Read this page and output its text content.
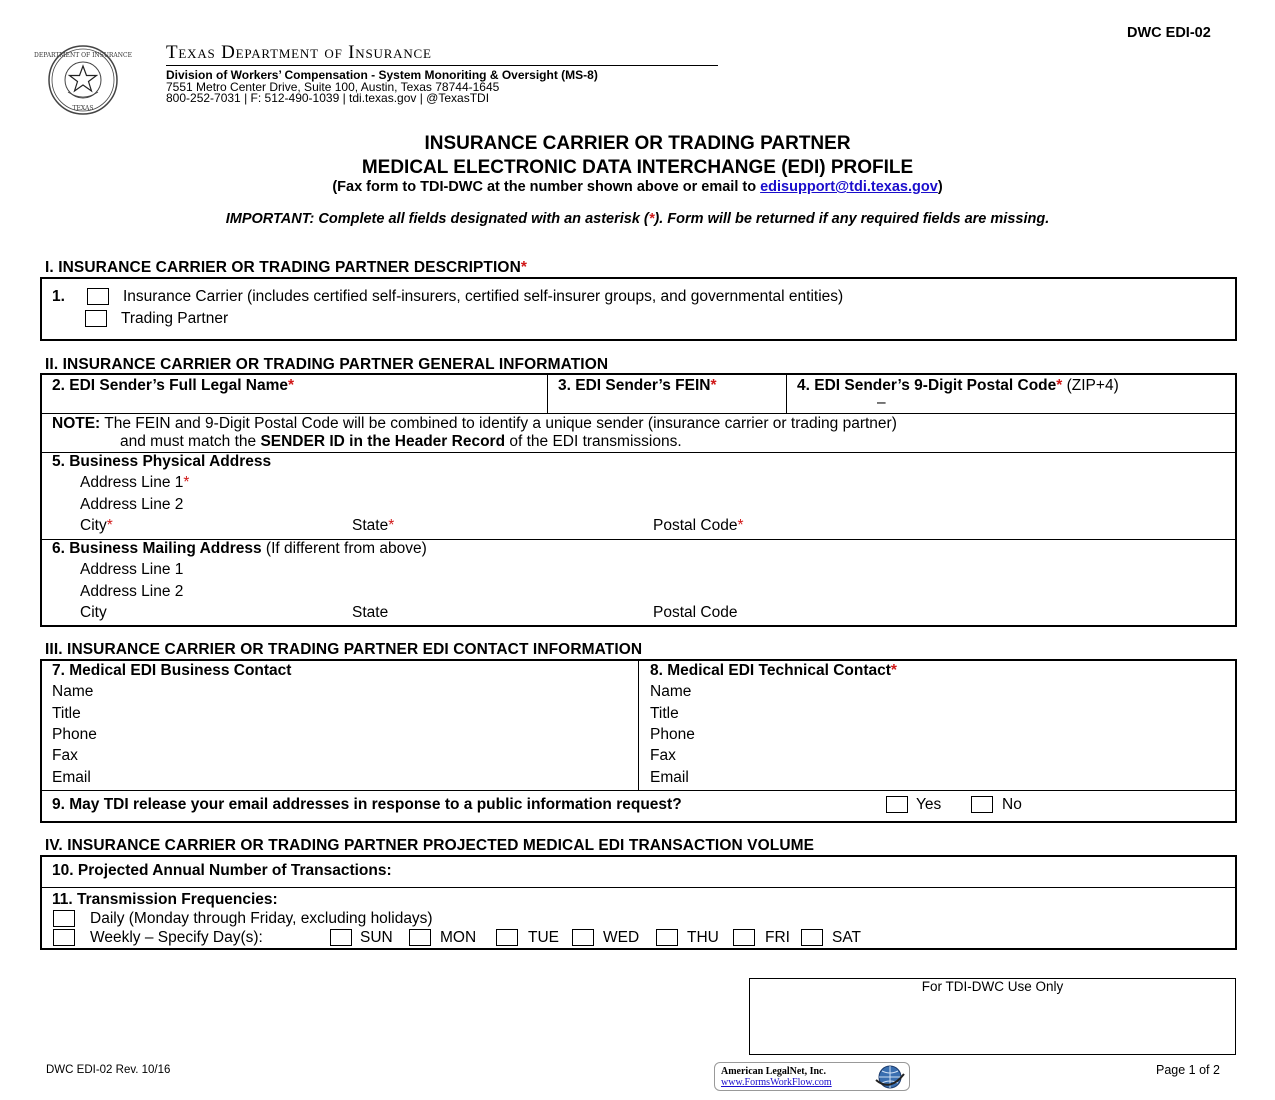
DWC EDI-02
DEPARTMENT OF INSURANCE
TEXAS
Texas Department of Insurance
Division of Workers’ Compensation - System Monoriting & Oversight (MS-8)
7551 Metro Center Drive, Suite 100, Austin, Texas 78744-1645
800-252-7031 | F: 512-490-1039 | tdi.texas.gov | @TexasTDI
INSURANCE CARRIER OR TRADING PARTNER
MEDICAL ELECTRONIC DATA INTERCHANGE (EDI) PROFILE
(Fax form to TDI-DWC at the number shown above or email to edisupport@tdi.texas.gov)
IMPORTANT: Complete all fields designated with an asterisk (*). Form will be returned if any required fields are missing.
I. INSURANCE CARRIER OR TRADING PARTNER DESCRIPTION*
1.	Insurance Carrier (includes certified self-insurers, certified self-insurer groups, and governmental entities)
Trading Partner
II. INSURANCE CARRIER OR TRADING PARTNER GENERAL INFORMATION
2. EDI Sender’s Full Legal Name*	3. EDI Sender’s FEIN*	4. EDI Sender’s 9-Digit Postal Code* (ZIP+4)
–
NOTE: The FEIN and 9-Digit Postal Code will be combined to identify a unique sender (insurance carrier or trading partner)
and must match the SENDER ID in the Header Record of the EDI transmissions.
5. Business Physical Address
Address Line 1*
Address Line 2
City*	State*	Postal Code*
6. Business Mailing Address (If different from above)
Address Line 1
Address Line 2
City	State	Postal Code
III. INSURANCE CARRIER OR TRADING PARTNER EDI CONTACT INFORMATION
7. Medical EDI Business Contact
Name
Title
Phone
Fax
Email
8. Medical EDI Technical Contact*
Name
Title
Phone
Fax
Email
9. May TDI release your email addresses in response to a public information request?	Yes	No
IV. INSURANCE CARRIER OR TRADING PARTNER PROJECTED MEDICAL EDI TRANSACTION VOLUME
10. Projected Annual Number of Transactions:
11. Transmission Frequencies:
Daily (Monday through Friday, excluding holidays)
Weekly – Specify Day(s):	SUN	MON	TUE	WED	THU	FRI	SAT
For TDI-DWC Use Only
DWC EDI-02 Rev. 10/16	Page 1 of 2
American LegalNet, Inc.
www.FormsWorkFlow.com
